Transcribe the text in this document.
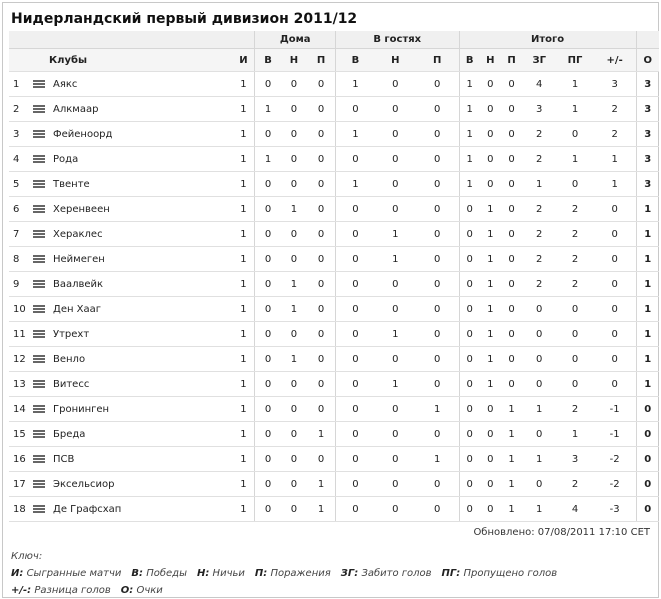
Нидерландский первый дивизион 2011/12
				Дома			В гостях			Итого						
Клубы			И	В	Н	П	В	Н	П	В	Н	П	ЗГ	ПГ	+/-	О
1		Аякс	1	0	0	0	1	0	0	1	0	0	4	1	3	3
2		Алкмаар	1	1	0	0	0	0	0	1	0	0	3	1	2	3
3		Фейеноорд	1	0	0	0	1	0	0	1	0	0	2	0	2	3
4		Рода	1	1	0	0	0	0	0	1	0	0	2	1	1	3
5		Твенте	1	0	0	0	1	0	0	1	0	0	1	0	1	3
6		Херенвеен	1	0	1	0	0	0	0	0	1	0	2	2	0	1
7		Хераклес	1	0	0	0	0	1	0	0	1	0	2	2	0	1
8		Неймеген	1	0	0	0	0	1	0	0	1	0	2	2	0	1
9		Ваалвейк	1	0	1	0	0	0	0	0	1	0	2	2	0	1
10		Ден Хааг	1	0	1	0	0	0	0	0	1	0	0	0	0	1
11		Утрехт	1	0	0	0	0	1	0	0	1	0	0	0	0	1
12		Венло	1	0	1	0	0	0	0	0	1	0	0	0	0	1
13		Витесс	1	0	0	0	0	1	0	0	1	0	0	0	0	1
14		Гронинген	1	0	0	0	0	0	1	0	0	1	1	2	-1	0
15		Бреда	1	0	0	1	0	0	0	0	0	1	0	1	-1	0
16		ПСВ	1	0	0	0	0	0	1	0	0	1	1	3	-2	0
17		Эксельсиор	1	0	0	1	0	0	0	0	0	1	0	2	-2	0
18		Де Графсхап	1	0	0	1	0	0	0	0	0	1	1	4	-3	0
Обновлено: 07/08/2011 17:10 CET
Ключ:
И: Сыгранные матчи В: Победы Н: Ничьи П: Поражения ЗГ: Забито голов ПГ: Пропущено голов
+/-: Разница голов О: Очки
